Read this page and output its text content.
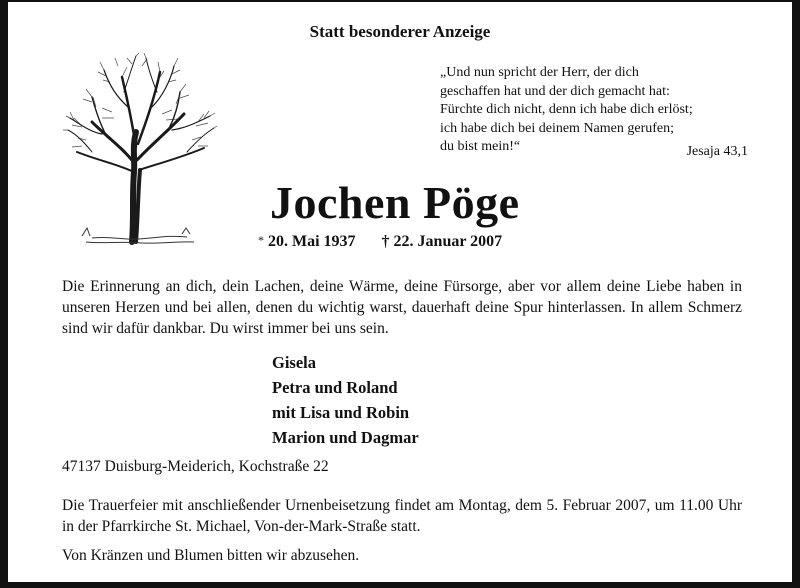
Statt besonderer Anzeige
„Und nun spricht der Herr, der dich
geschaffen hat und der dich gemacht hat:
Fürchte dich nicht, denn ich habe dich erlöst;
ich habe dich bei deinem Namen gerufen;
du bist mein!“	Jesaja 43,1
Jochen Pöge
* 20. Mai 1937 † 22. Januar 2007
Die Erinnerung an dich, dein Lachen, deine Wärme, deine Fürsorge, aber vor allem deine Liebe haben in unseren Herzen und bei allen, denen du wichtig warst, dauerhaft deine Spur hinterlassen. In allem Schmerz sind wir dafür dankbar. Du wirst immer bei uns sein.
Gisela
Petra und Roland
mit Lisa und Robin
Marion und Dagmar
47137 Duisburg-Meiderich, Kochstraße 22
Die Trauerfeier mit anschließender Urnenbeisetzung findet am Montag, dem 5. Februar 2007, um 11.00 Uhr in der Pfarrkirche St. Michael, Von-der-Mark-Straße statt.
Von Kränzen und Blumen bitten wir abzusehen.
